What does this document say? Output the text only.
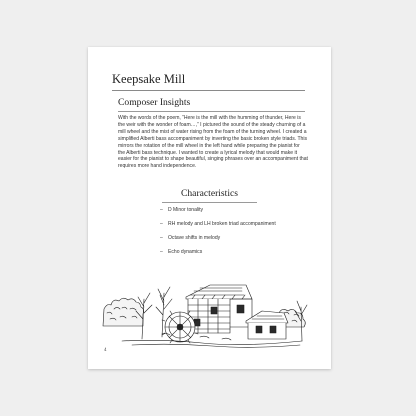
Keepsake Mill
Composer Insights

With the words of the poem, “Here is the mill with the humming of thunder, Here is the weir with the wonder of foam…,” I pictured the sound of the steady churning of a mill wheel and the mist of water rising from the foam of the turning wheel. I created a simplified Alberti bass accompaniment by inverting the basic broken style triads. This mirrors the rotation of the mill wheel in the left hand while preparing the pianist for the Alberti bass technique. I wanted to create a lyrical melody that would make it easier for the pianist to shape beautiful, singing phrases over an accompaniment that requires more hand independence.

Characteristics
– D Minor tonality
– RH melody and LH broken triad accompaniment
– Octave shifts in melody
– Echo dynamics
4
